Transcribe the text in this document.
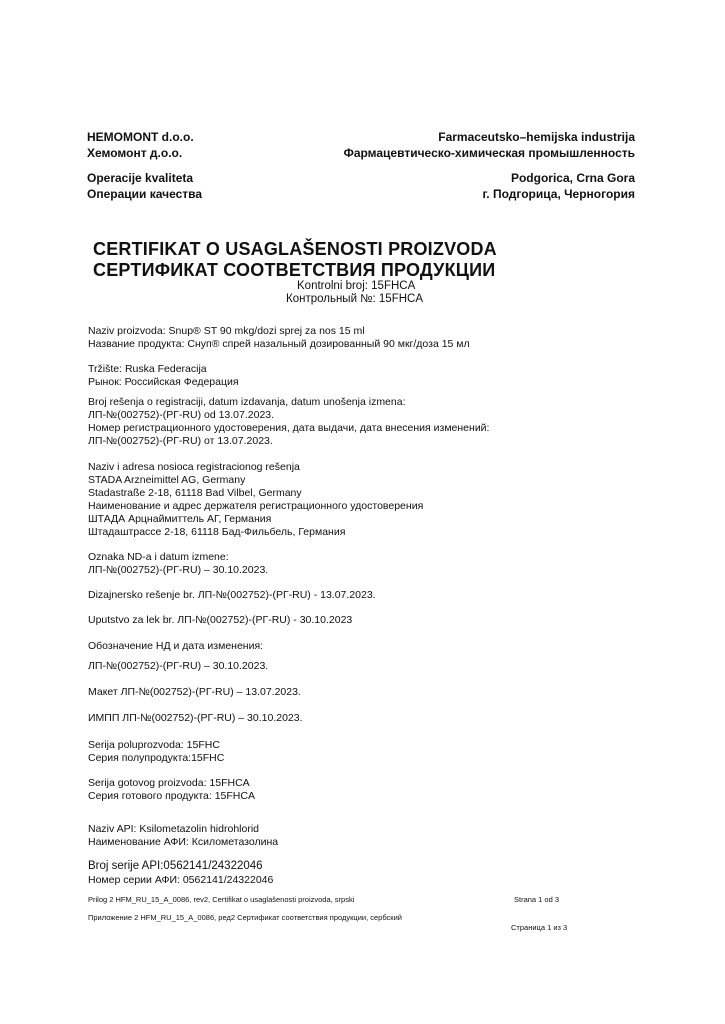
HEMOMONT d.o.o.
Хемомонт д.о.о.
Operacije kvaliteta
Операции качества
Farmaceutsko–hemijska industrija
Фармацевтическо-химическая промышленность
Podgorica, Crna Gora
г. Подгорица, Черногория
CERTIFIKAT O USAGLAŠENOSTI PROIZVODA
СЕРТИФИКАТ СООТВЕТСТВИЯ ПРОДУКЦИИ
Kontrolni broj: 15FHCA
Контрольный №: 15FHCA
Naziv proizvoda: Snup® ST 90 mkg/dozi sprej za nos 15 ml
Название продукта: Снуп® спрей назальный дозированный 90 мкг/доза 15 мл
Tržište: Ruska Federacija
Рынок: Российская Федерация
Broj rešenja o registraciji, datum izdavanja, datum unošenja izmena:
ЛП-№(002752)-(РГ-RU) od 13.07.2023.
Номер регистрационного удостоверения, дата выдачи, дата внесения изменений:
ЛП-№(002752)-(РГ-RU) от 13.07.2023.
Naziv i adresa nosioca registracionog rešenja
STADA Arzneimittel AG, Germany
Stadastraße 2-18, 61118 Bad Vilbel, Germany
Наименование и адрес держателя регистрационного удостоверения
ШТАДА Арцнаймиттель АГ, Германия
Штадаштрассе 2-18, 61118 Бад-Фильбель, Германия
Oznaka ND-a i datum izmene:
ЛП-№(002752)-(РГ-RU) – 30.10.2023.
Dizajnersko rešenje br. ЛП-№(002752)-(РГ-RU) - 13.07.2023.
Uputstvo za lek br. ЛП-№(002752)-(РГ-RU) - 30.10.2023
Обозначение НД и дата изменения:
ЛП-№(002752)-(РГ-RU) – 30.10.2023.
Макет ЛП-№(002752)-(РГ-RU) – 13.07.2023.
ИМПП ЛП-№(002752)-(РГ-RU) – 30.10.2023.
Serija poluprozvoda: 15FHC
Серия полупродукта:15FHC
Serija gotovog proizvoda: 15FHCA
Серия готового продукта: 15FHCA
Naziv API: Ksilometazolin hidrohlorid
Наименование АФИ: Ксилометазолина
Broj serije API:0562141/24322046
Номер серии АФИ: 0562141/24322046
Prilog 2 HFM_RU_15_A_0086, rev2, Certifikat o usaglašenosti proizvoda, srpski	Strana 1 od 3
Приложение 2 HFM_RU_15_A_0086, ред2 Сертификат соответствия продукции, сербский
Страница 1 из 3
